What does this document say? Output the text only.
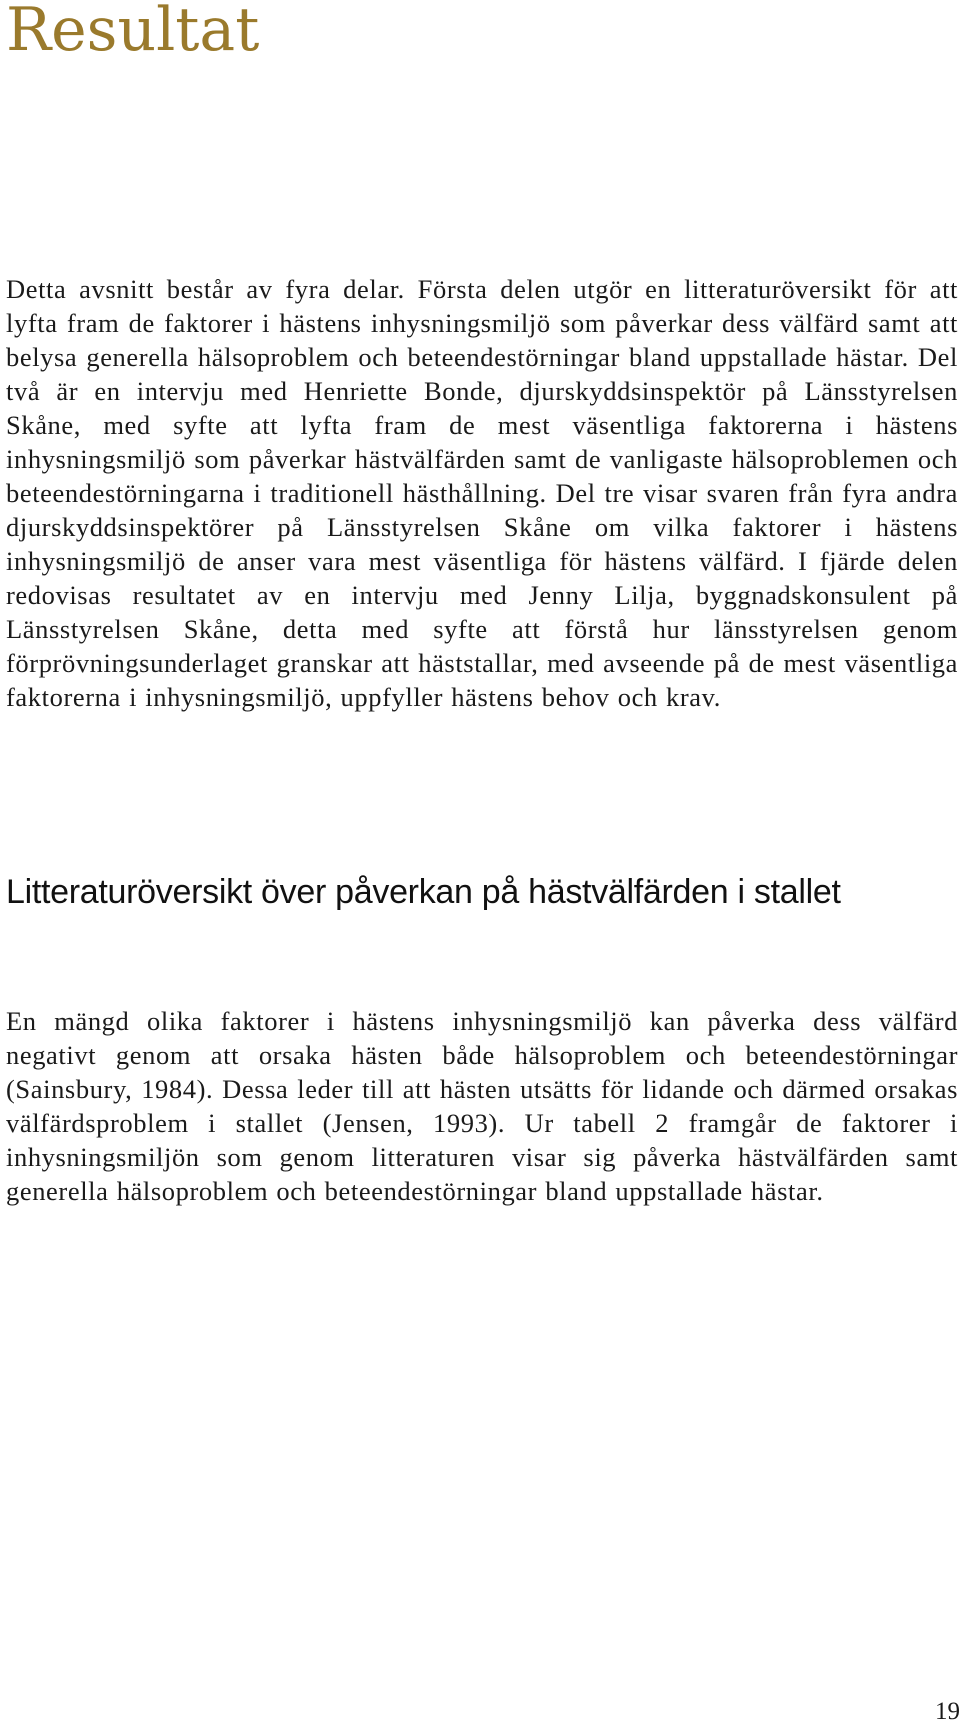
Resultat

Detta avsnitt består av fyra delar. Första delen utgör en litteraturöversikt för att lyfta fram de faktorer i hästens inhysningsmiljö som påverkar dess välfärd samt att belysa generella hälsoproblem och beteendestörningar bland uppstallade hästar. Del två är en intervju med Henriette Bonde, djurskyddsinspektör på Länsstyrelsen Skåne, med syfte att lyfta fram de mest väsentliga faktorerna i hästens inhysningsmiljö som påverkar hästvälfärden samt de vanligaste hälsoproblemen och beteendestörningarna i traditionell hästhållning. Del tre visar svaren från fyra andra djurskyddsinspektörer på Länsstyrelsen Skåne om vilka faktorer i hästens inhysningsmiljö de anser vara mest väsentliga för hästens välfärd. I fjärde delen redovisas resultatet av en intervju med Jenny Lilja, byggnadskonsulent på Länsstyrelsen Skåne, detta med syfte att förstå hur länsstyrelsen genom förprövningsunderlaget granskar att häststallar, med avseende på de mest väsentliga faktorerna i inhysningsmiljö, uppfyller hästens behov och krav.

Litteraturöversikt över påverkan på hästvälfärden i stallet

En mängd olika faktorer i hästens inhysningsmiljö kan påverka dess välfärd negativt genom att orsaka hästen både hälsoproblem och beteendestörningar (Sainsbury, 1984). Dessa leder till att hästen utsätts för lidande och därmed orsakas välfärdsproblem i stallet (Jensen, 1993). Ur tabell 2 framgår de faktorer i inhysningsmiljön som genom litteraturen visar sig påverka hästvälfärden samt generella hälsoproblem och beteendestörningar bland uppstallade hästar.

19
